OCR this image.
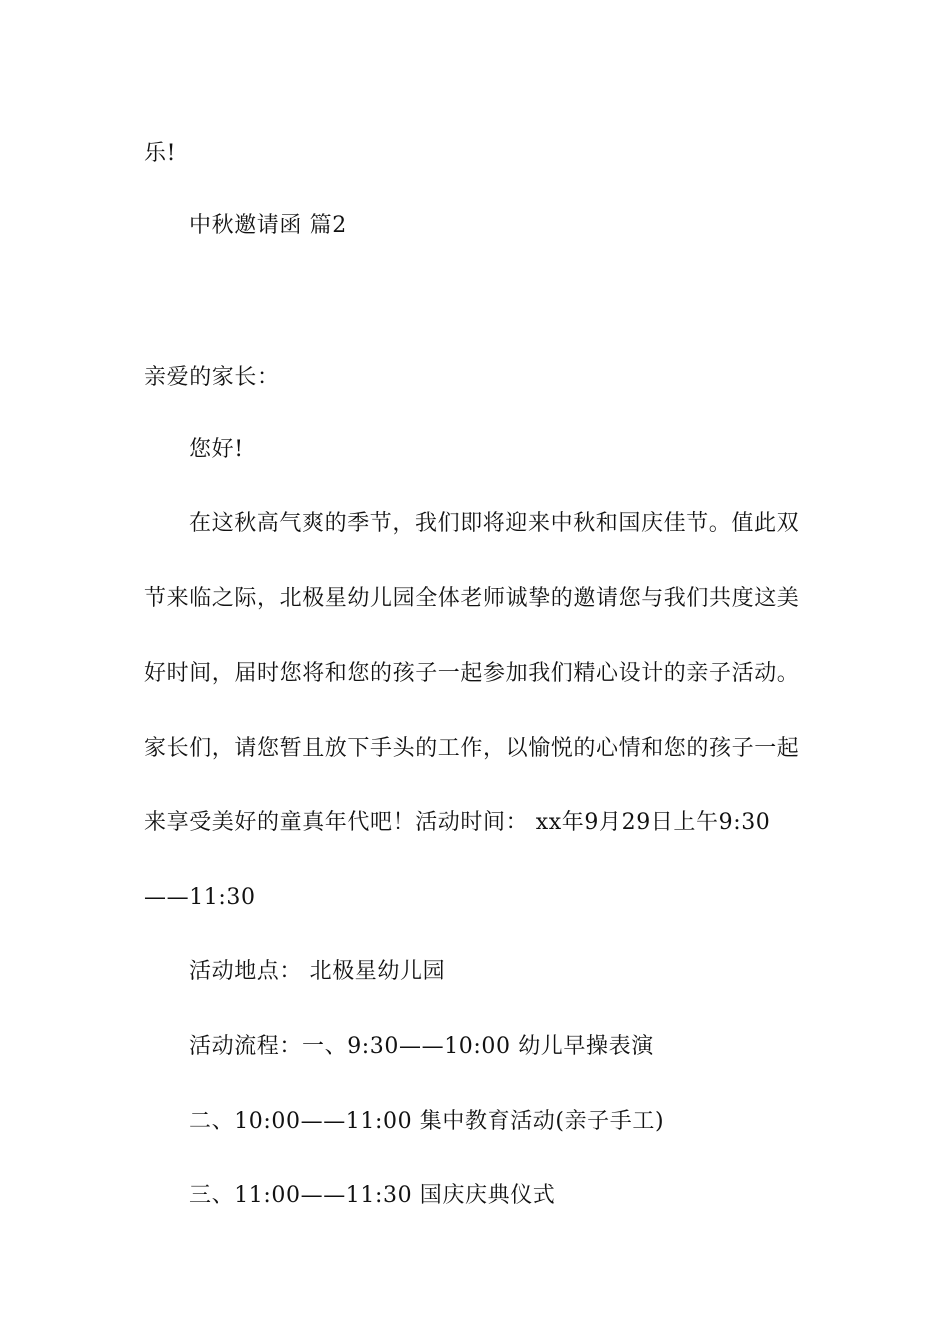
乐!
中秋邀请函 篇2
亲爱的家长：
您好!
在这秋高气爽的季节，我们即将迎来中秋和国庆佳节。值此双
节来临之际，北极星幼儿园全体老师诚挚的邀请您与我们共度这美
好时间，届时您将和您的孩子一起参加我们精心设计的亲子活动。
家长们，请您暂且放下手头的工作，以愉悦的心情和您的孩子一起
来享受美好的童真年代吧！活动时间： xx年9月29日上午9:30
——11:30
活动地点： 北极星幼儿园
活动流程：一、9:30——10:00 幼儿早操表演
二、10:00——11:00 集中教育活动(亲子手工)
三、11:00——11:30 国庆庆典仪式
